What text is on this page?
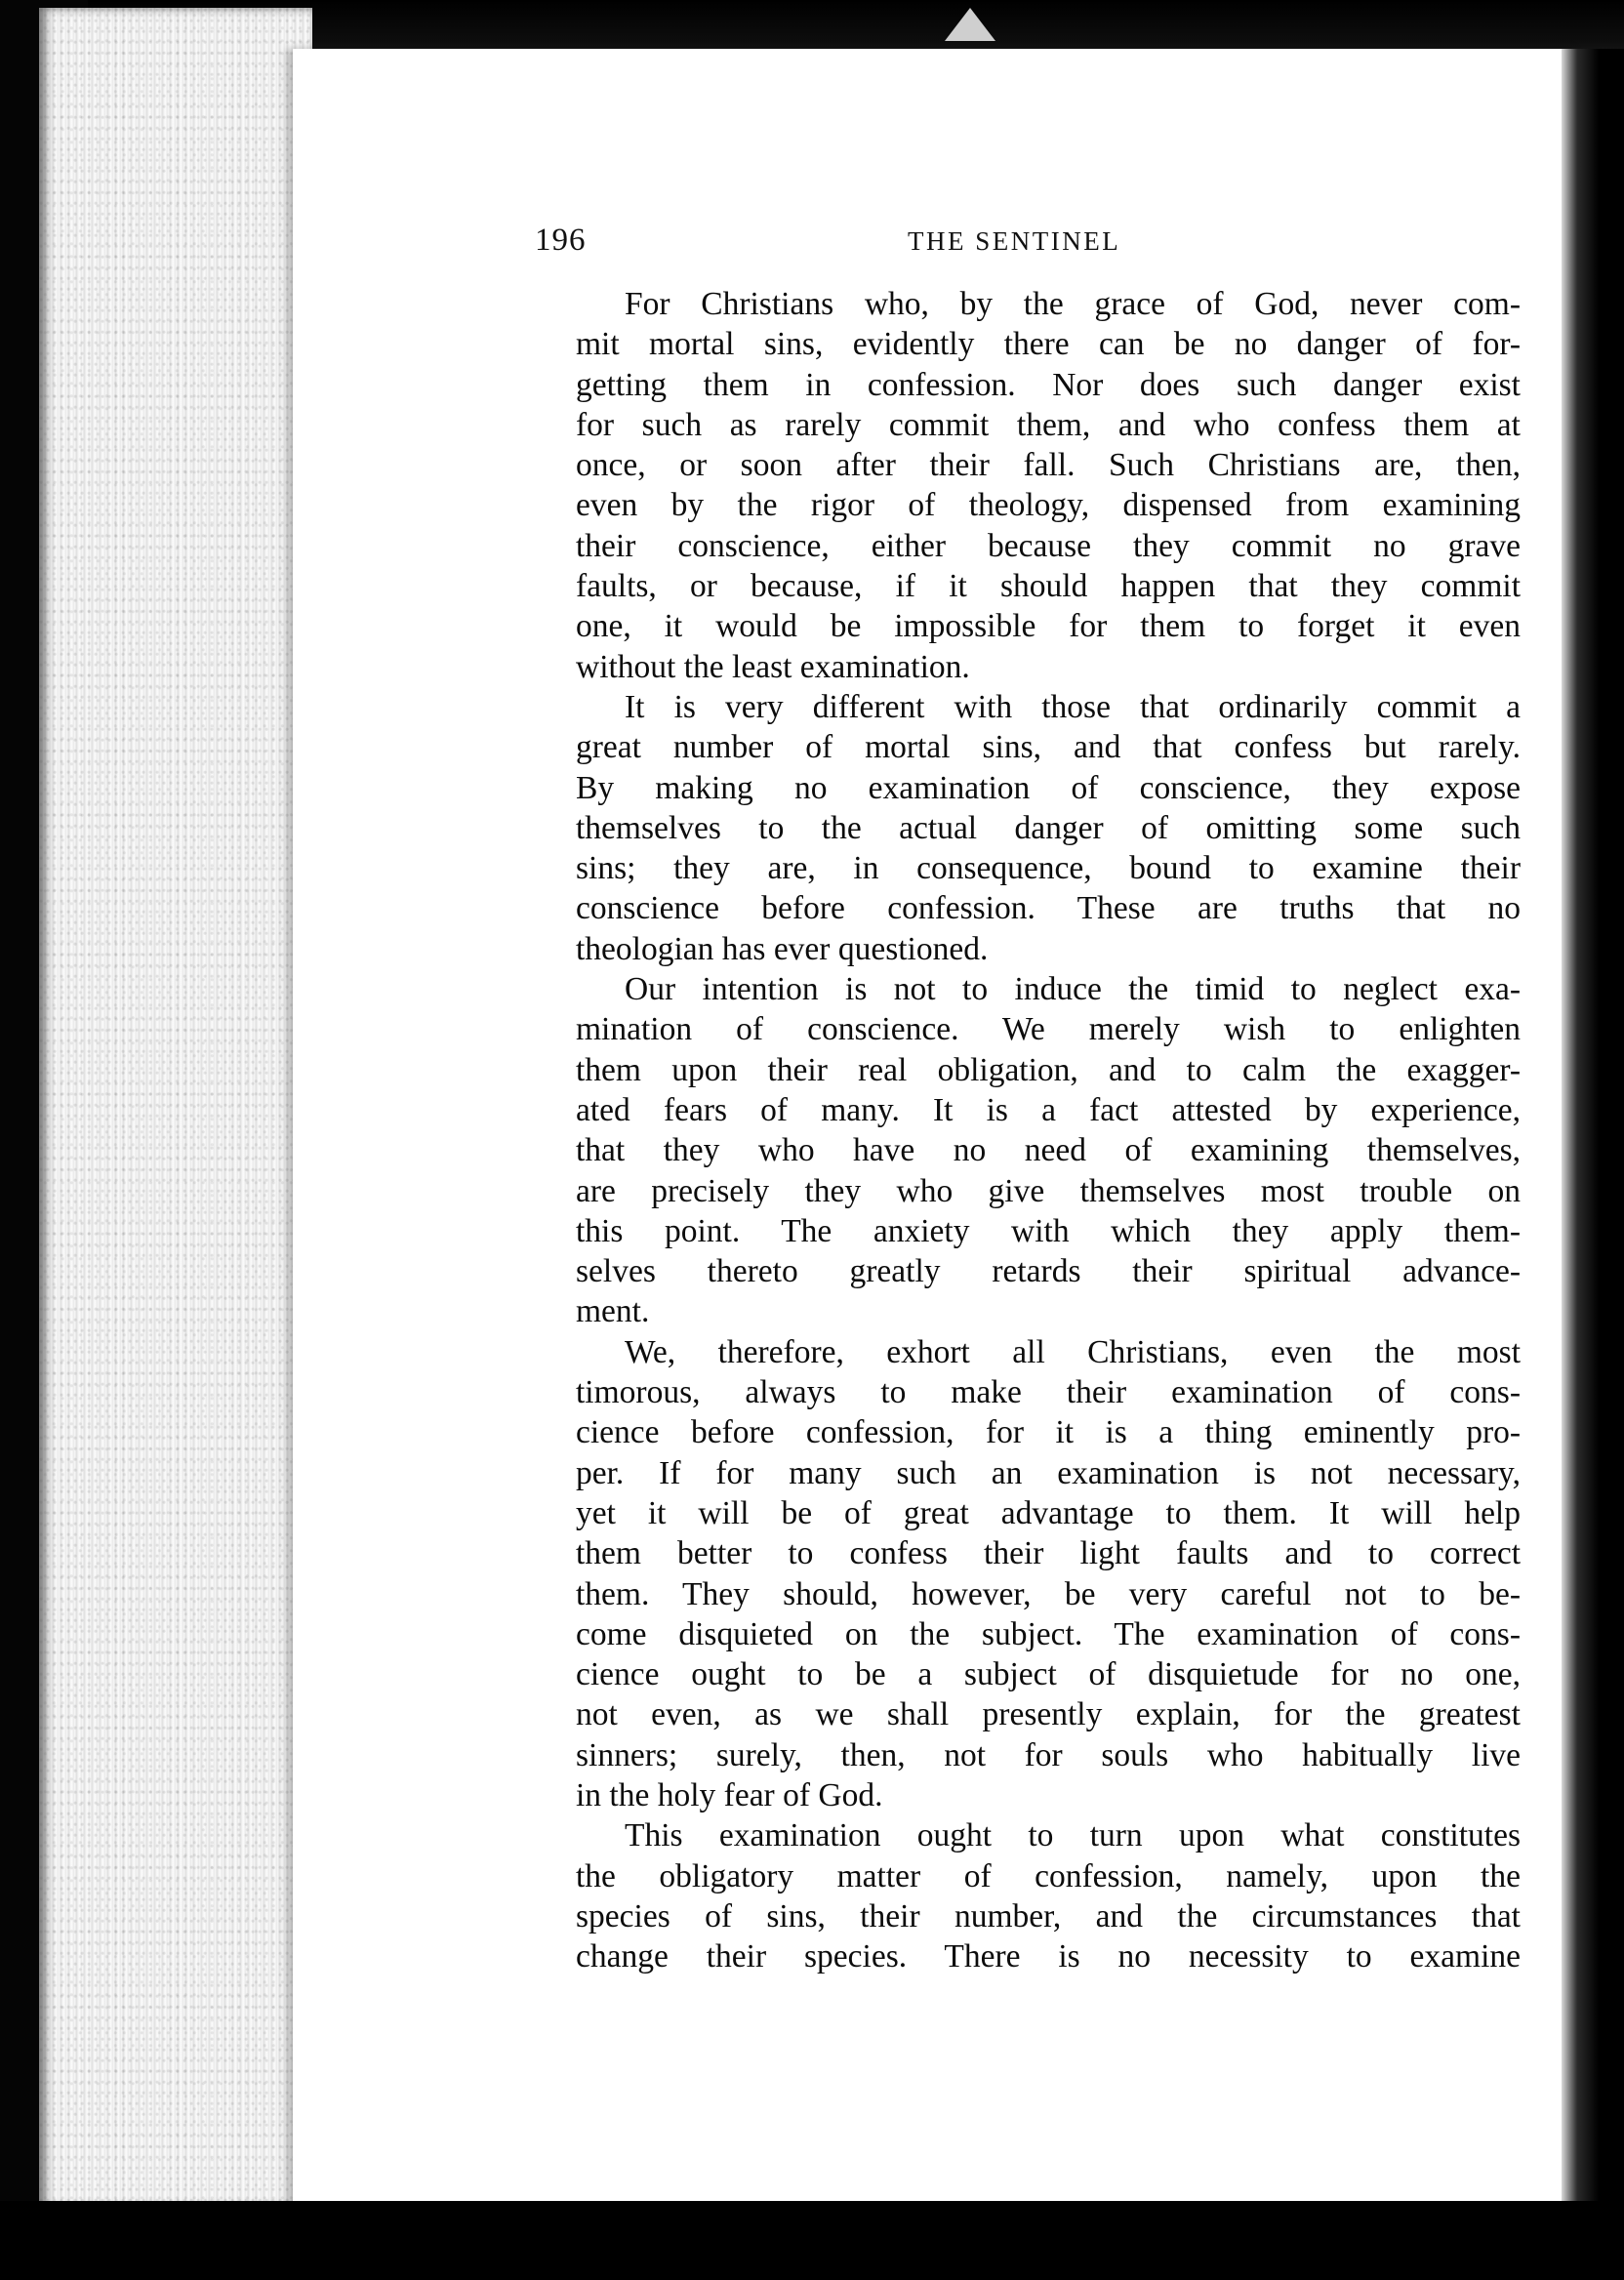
196	THE SENTINEL

For Christians who, by the grace of God, never com-
mit mortal sins, evidently there can be no danger of for-
getting them in confession. Nor does such danger exist
for such as rarely commit them, and who confess them at
once, or soon after their fall. Such Christians are, then,
even by the rigor of theology, dispensed from examining
their conscience, either because they commit no grave
faults, or because, if it should happen that they commit
one, it would be impossible for them to forget it even
without the least examination.

It is very different with those that ordinarily commit a
great number of mortal sins, and that confess but rarely.
By making no examination of conscience, they expose
themselves to the actual danger of omitting some such
sins; they are, in consequence, bound to examine their
conscience before confession. These are truths that no
theologian has ever questioned.

Our intention is not to induce the timid to neglect exa-
mination of conscience. We merely wish to enlighten
them upon their real obligation, and to calm the exagger-
ated fears of many. It is a fact attested by experience,
that they who have no need of examining themselves,
are precisely they who give themselves most trouble on
this point. The anxiety with which they apply them-
selves thereto greatly retards their spiritual advance-
ment.

We, therefore, exhort all Christians, even the most
timorous, always to make their examination of cons-
cience before confession, for it is a thing eminently pro-
per. If for many such an examination is not necessary,
yet it will be of great advantage to them. It will help
them better to confess their light faults and to correct
them. They should, however, be very careful not to be-
come disquieted on the subject. The examination of cons-
cience ought to be a subject of disquietude for no one,
not even, as we shall presently explain, for the greatest
sinners; surely, then, not for souls who habitually live
in the holy fear of God.

This examination ought to turn upon what constitutes
the obligatory matter of confession, namely, upon the
species of sins, their number, and the circumstances that
change their species. There is no necessity to examine
